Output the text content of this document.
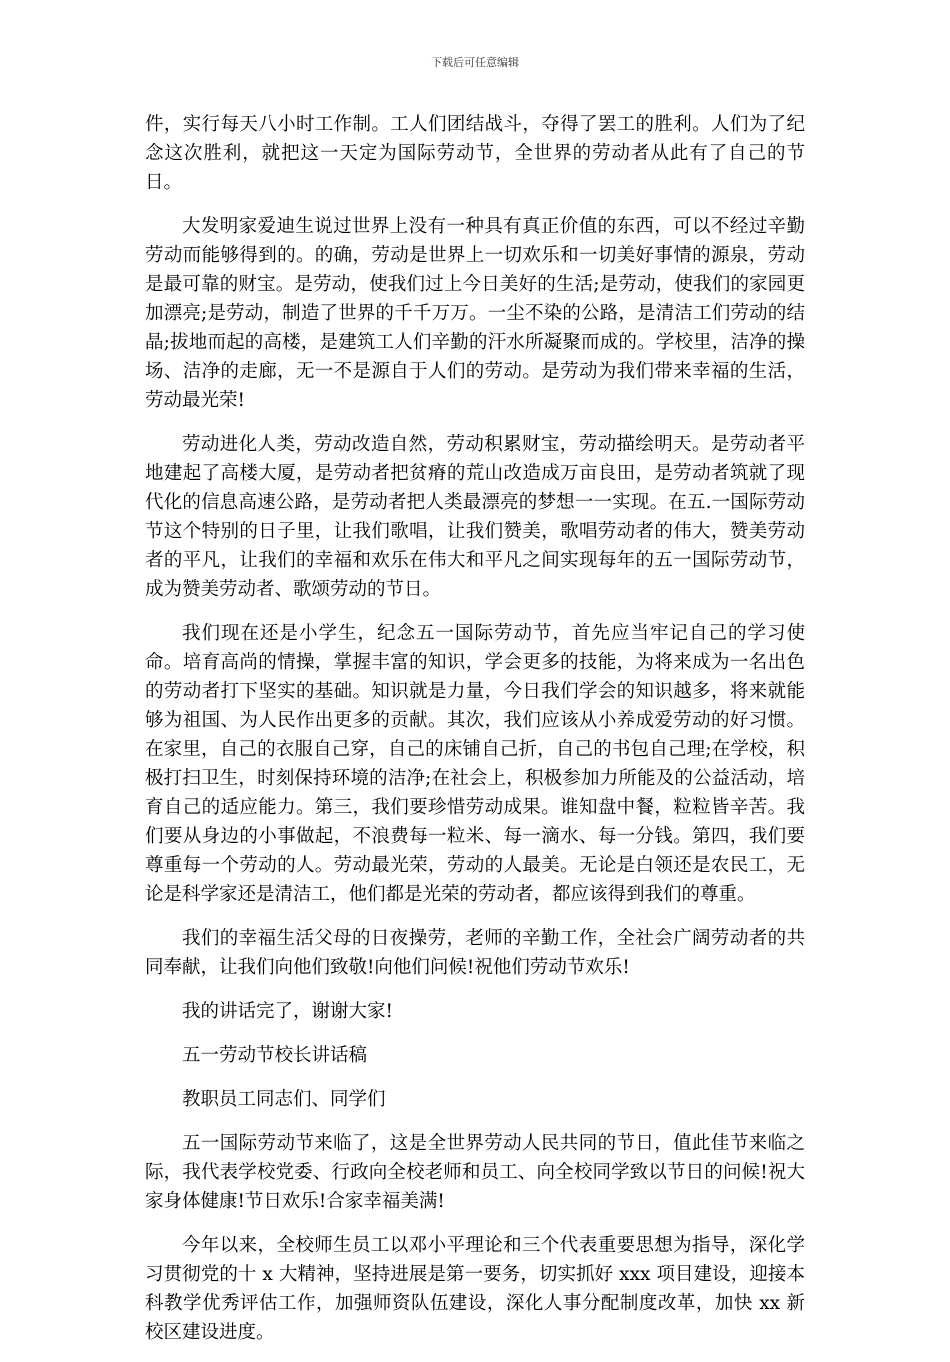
下载后可任意编辑

件，实行每天八小时工作制。工人们团结战斗，夺得了罢工的胜利。人们为了纪念这次胜利，就把这一天定为国际劳动节，全世界的劳动者从此有了自己的节日。

大发明家爱迪生说过世界上没有一种具有真正价值的东西，可以不经过辛勤劳动而能够得到的。的确，劳动是世界上一切欢乐和一切美好事情的源泉，劳动是最可靠的财宝。是劳动，使我们过上今日美好的生活;是劳动，使我们的家园更加漂亮;是劳动，制造了世界的千千万万。一尘不染的公路，是清洁工们劳动的结晶;拔地而起的高楼，是建筑工人们辛勤的汗水所凝聚而成的。学校里，洁净的操场、洁净的走廊，无一不是源自于人们的劳动。是劳动为我们带来幸福的生活，劳动最光荣!

劳动进化人类，劳动改造自然，劳动积累财宝，劳动描绘明天。是劳动者平地建起了高楼大厦，是劳动者把贫瘠的荒山改造成万亩良田，是劳动者筑就了现代化的信息高速公路，是劳动者把人类最漂亮的梦想一一实现。在五.一国际劳动节这个特别的日子里，让我们歌唱，让我们赞美，歌唱劳动者的伟大，赞美劳动者的平凡，让我们的幸福和欢乐在伟大和平凡之间实现每年的五一国际劳动节，成为赞美劳动者、歌颂劳动的节日。

我们现在还是小学生，纪念五一国际劳动节，首先应当牢记自己的学习使命。培育高尚的情操，掌握丰富的知识，学会更多的技能，为将来成为一名出色的劳动者打下坚实的基础。知识就是力量，今日我们学会的知识越多，将来就能够为祖国、为人民作出更多的贡献。其次，我们应该从小养成爱劳动的好习惯。在家里，自己的衣服自己穿，自己的床铺自己折，自己的书包自己理;在学校，积极打扫卫生，时刻保持环境的洁净;在社会上，积极参加力所能及的公益活动，培育自己的适应能力。第三，我们要珍惜劳动成果。谁知盘中餐，粒粒皆辛苦。我们要从身边的小事做起，不浪费每一粒米、每一滴水、每一分钱。第四，我们要尊重每一个劳动的人。劳动最光荣，劳动的人最美。无论是白领还是农民工，无论是科学家还是清洁工，他们都是光荣的劳动者，都应该得到我们的尊重。

我们的幸福生活父母的日夜操劳，老师的辛勤工作，全社会广阔劳动者的共同奉献，让我们向他们致敬!向他们问候!祝他们劳动节欢乐!

我的讲话完了，谢谢大家!

五一劳动节校长讲话稿

教职员工同志们、同学们

五一国际劳动节来临了，这是全世界劳动人民共同的节日，值此佳节来临之际，我代表学校党委、行政向全校老师和员工、向全校同学致以节日的问候!祝大家身体健康!节日欢乐!合家幸福美满!

今年以来，全校师生员工以邓小平理论和三个代表重要思想为指导，深化学习贯彻党的十 x 大精神，坚持进展是第一要务，切实抓好 xxx 项目建设，迎接本科教学优秀评估工作，加强师资队伍建设，深化人事分配制度改革，加快 xx 新校区建设进度。
